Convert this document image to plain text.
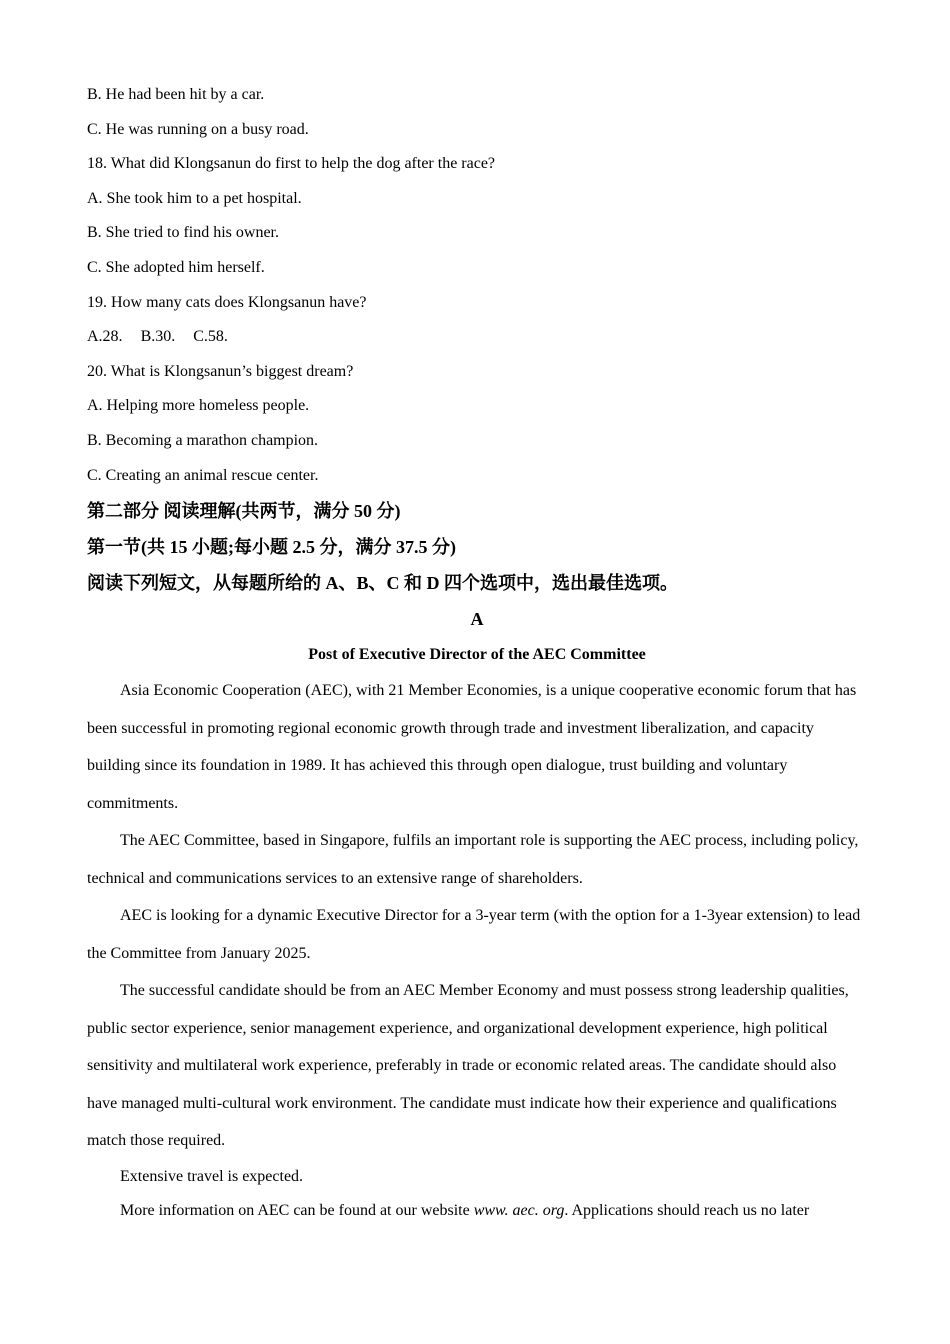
B. He had been hit by a car.
C. He was running on a busy road.
18. What did Klongsanun do first to help the dog after the race?
A. She took him to a pet hospital.
B. She tried to find his owner.
C. She adopted him herself.
19. How many cats does Klongsanun have?
A.28. B.30. C.58.
20. What is Klongsanun’s biggest dream?
A. Helping more homeless people.
B. Becoming a marathon champion.
C. Creating an animal rescue center.
第二部分 阅读理解(共两节，满分 50 分)
第一节(共 15 小题;每小题 2.5 分，满分 37.5 分)
阅读下列短文，从每题所给的 A、B、C 和 D 四个选项中，选出最佳选项。
A
Post of Executive Director of the AEC Committee
Asia Economic Cooperation (AEC), with 21 Member Economies, is a unique cooperative economic forum that has been successful in promoting regional economic growth through trade and investment liberalization, and capacity building since its foundation in 1989. It has achieved this through open dialogue, trust building and voluntary commitments.
The AEC Committee, based in Singapore, fulfils an important role is supporting the AEC process, including policy, technical and communications services to an extensive range of shareholders.
AEC is looking for a dynamic Executive Director for a 3-year term (with the option for a 1-3year extension) to lead the Committee from January 2025.
The successful candidate should be from an AEC Member Economy and must possess strong leadership qualities, public sector experience, senior management experience, and organizational development experience, high political sensitivity and multilateral work experience, preferably in trade or economic related areas. The candidate should also have managed multi-cultural work environment. The candidate must indicate how their experience and qualifications match those required.
Extensive travel is expected.
More information on AEC can be found at our website www. aec. org. Applications should reach us no later
